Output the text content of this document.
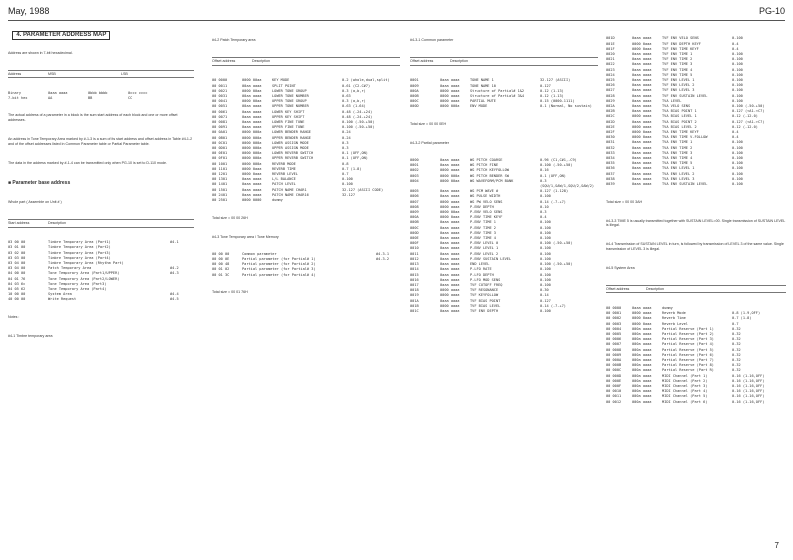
May, 1988	PG-10

4. PARAMETER ADDRESS MAP

Address are shown in 7-bit hexadecimal.

Address	MSB	LSB

Binary	0aaa aaaa	0bbb bbbb	0ccc cccc
7-bit hex	AA	BB	CC

The actual address of a parameter in a block is the sum start address of each block and one or more offset addresses.

An address in Tone Temporary Area marked by #-1-3 is a sum of its start address and offset address in Table #4-1-2 and of the offset addresses listed in Common Parameter table or Partial Parameter table.

The data in the address marked by #-1-4 can be transmitted only when PG-10 is set to D-110 mode.

■ Parameter base address

Whole part ( Assemble on Unit # )

Start address	Description

03 00 00	Timbre Temporary Area (Part1)	#4-1
03 01 00	Timbre Temporary Area (Part2)
03 02 00	Timbre Temporary Area (Part3)
03 03 00	Timbre Temporary Area (Part4)
03 04 00	Timbre Temporary Area (Rhythm Part)
03 04 00	Patch Temporary Area	#4-2
04 00 00	Tone Temporary Area (Part1/UPPER)	#4-3
04 01 76	Tone Temporary Area (Part2/LOWER)
04 03 6c	Tone Temporary Area (Part3)
04 05 62	Tone Temporary Area (Part4)
10 00 00	System Area	#4-4
40 00 00	Write Request	#4-5

Notes :

#4-1 Timbre temporary area

#4-2 Patch Temporary area

Offset address	Description

00 0000	0000 00aa	KEY MODE	0-2 (whole,dual,split)
00 0011	00aa aaaa	SPLIT POINT	0-61 (C2-C#7)
00 0021	0000 00aa	LOWER TONE GROUP	0-3 (a,b,r)
00 0031	00aa aaaa	LOWER TONE NUMBER	0-63
00 0041	0000 00aa	UPPER TONE GROUP	0-3 (a,b,r)
00 0051	00aa aaaa	UPPER TONE NUMBER	0-63 (1-64)
00 0061	0aaa aaaa	LOWER KEY SHIFT	0-48 (-24-+24)
00 0071	0aaa aaaa	UPPER KEY SHIFT	0-48 (-24-+24)
00 0081	0aaa aaaa	LOWER FINE TUNE	0-100 (-50-+50)
00 0091	0aaa aaaa	UPPER FINE TUNE	0-100 (-50-+50)
00 0A01	0000 000a	LOWER BENDER RANGE	0-24
00 0B01	0000 000a	UPPER BENDER RANGE	0-24
00 0C01	0000 000a	LOWER ASSIGN MODE	0-3
00 0D01	0000 000a	UPPER ASSIGN MODE	0-3
00 0E01	0000 000a	LOWER REVERB SWITCH	0-1 (OFF,ON)
00 0F01	0000 000a	UPPER REVERB SWITCH	0-1 (OFF,ON)
00 1001	0000 000a	REVERB MODE	0-8
00 1101	0000 0aaa	REVERB TIME	0-7 (1-8)
00 1201	0000 0aaa	REVERB LEVEL	0-7
00 1301	0aaa aaaa	L/L BALANCE	0-100
00 1401	0aaa aaaa	PATCH LEVEL	0-100
00 1501	0aaa aaaa	PATCH NAME CHAR1	32-127 (ASCII CODE)
00 2401	0aaa aaaa	PATCH NAME CHAR16	32-127
00 2501	0000 0000	dummy

Total size = 00 00 26H

#4-3 Tone Temporary area / Tone Memory

00 00 00	Common parameter	#4-3-1
00 00 0E	Partial parameter (for Partial# 1)	#4-3-2
00 00 48	Partial parameter (for Partial# 2)
00 01 02	Partial parameter (for Partial# 3)
00 01 3C	Partial parameter (for Partial# 4)

Total size = 00 01 76H

#4-3-1 Common parameter

Offset address	Description

0001	0aaa aaaa	TONE NAME 1	32-127 (ASCII)
0009	0aaa aaaa	TONE NAME 10	0-127
000A	0000 aaaa	Structure of Partial# 1&2	0-12 (1-13)
000B	0000 aaaa	Structure of Partial# 3&4	0-12 (1-13)
000C	0000 aaaa	PARTIAL MUTE	0-15 (0000-1111)
000D	0000 000a	ENV MODE	0-1 (Normal, No sustain)

Total size = 00 00 0EH

#4-3-2 Partial parameter

0000	0aaa aaaa	WG PITCH COARSE	0-96 (C1,C#1,-C9)
0001	0aaa aaaa	WG PITCH FINE	0-100 (-50-+50)
0002	0000 aaaa	WG PITCH KEYFOLLOW	0-16
0003	0000 000a	WG PITCH BENDER SW	0-1 (OFF,ON)
0004	0000 00aa	WG WAVEFORM/PCM BANK	0-3 (SQU/1,SAW/1,SQU/2,SAW/2)
0005	0aaa aaaa	WG PCM WAVE #	0-127 (1-128)
0006	0aaa aaaa	WG PULSE WIDTH	0-100
0007	0000 aaaa	WG PW VELO SENS	0-14 (-7-+7)
0008	0000 aaaa	P-ENV DEPTH	0-10
0009	0000 00aa	P-ENV VELO SENS	0-3
000A	0000 0aaa	P-ENV TIME KEYF	0-4
000B	0aaa aaaa	P-ENV TIME 1	0-100
000C	0aaa aaaa	P-ENV TIME 2	0-100
000D	0aaa aaaa	P-ENV TIME 3	0-100
000E	0aaa aaaa	P-ENV TIME 4	0-100
000F	0aaa aaaa	P-ENV LEVEL 0	0-100 (-50-+50)
0010	0aaa aaaa	P-ENV LEVEL 1	0-100
0011	0aaa aaaa	P-ENV LEVEL 2	0-100
0012	0aaa aaaa	P-ENV SUSTAIN LEVEL	0-100
0013	0aaa aaaa	END LEVEL	0-100 (-50-+50)
0014	0aaa aaaa	P-LFO RATE	0-100
0015	0aaa aaaa	P-LFO DEPTH	0-100
0016	0aaa aaaa	P-LFO MOD SENS	0-100
0017	0aaa aaaa	TVF CUTOFF FREQ	0-100
0018	0000 aaaa	TVF RESONANCE	0-30
0019	0000 aaaa	TVF KEYFOLLOW	0-14
001A	0aaa aaaa	TVF BIAS POINT	0-127
001B	0000 aaaa	TVF BIAS LEVEL	0-14 (-7-+7)
001C	0aaa aaaa	TVF ENV DEPTH	0-100

001D	0aaa aaaa	TVF ENV VELO SENS	0-100
001E	0000 0aaa	TVF ENV DEPTH KEYF	0-4
001F	0000 0aaa	TVF ENV TIME KEYF	0-4
0020	0aaa aaaa	TVF ENV TIME 1	0-100
0021	0aaa aaaa	TVF ENV TIME 2	0-100
0022	0aaa aaaa	TVF ENV TIME 3	0-100
0023	0aaa aaaa	TVF ENV TIME 4	0-100
0024	0aaa aaaa	TVF ENV TIME 5	0-100
0025	0aaa aaaa	TVF ENV LEVEL 1	0-100
0026	0aaa aaaa	TVF ENV LEVEL 2	0-100
0027	0aaa aaaa	TVF ENV LEVEL 3	0-100
0028	0aaa aaaa	TVF ENV SUSTAIN LEVEL	0-100
0029	0aaa aaaa	TVA LEVEL	0-100
002A	0aaa aaaa	TVA VELO SENS	0-100 (-50-+50)
002B	0aaa aaaa	TVA BIAS POINT 1	0-127 (<A1-<C7)
002C	0000 aaaa	TVA BIAS LEVEL 1	0-12 (-12-0)
002D	0aaa aaaa	TVA BIAS POINT 2	0-127 (<A1->C7)
002E	0000 aaaa	TVA BIAS LEVEL 2	0-12 (-12-0)
002F	0000 0aaa	TVA ENV TIME KEYF	0-4
0030	0000 0aaa	TVA ENV TIME V-FOLLOW	0-4
0031	0aaa aaaa	TVA ENV TIME 1	0-100
0032	0aaa aaaa	TVA ENV TIME 2	0-100
0033	0aaa aaaa	TVA ENV TIME 3	0-100
0034	0aaa aaaa	TVA ENV TIME 4	0-100
0035	0aaa aaaa	TVA ENV TIME 5	0-100
0036	0aaa aaaa	TVA ENV LEVEL 1	0-100
0037	0aaa aaaa	TVA ENV LEVEL 2	0-100
0038	0aaa aaaa	TVA ENV LEVEL 3	0-100
0039	0aaa aaaa	TVA ENV SUSTAIN LEVEL	0-100

Total size = 00 00 3AH

#4-3-3 TIME 5 is usually transmitted together with SUSTAIN LEVEL=00. Single transmission of SUSTAIN LEVEL is illegal.

#4-4 Transmission of SUSTAIN LEVEL in turn, is followed by transmission of LEVEL 3 of the same value. Single transmission of LEVEL 3 is illegal.

#4-5 System Area

Offset address	Description

00 0000	0aaa aaaa	dummy
00 0001	0000 aaaa	Reverb Mode	0-8 (1-9,OFF)
00 0002	0000 0aaa	Reverb Time	0-7 (1-8)
00 0003	0000 0aaa	Reverb Level	0-7
00 0004	000a aaaa	Partial Reserve (Part 1)	0-32
00 0005	000a aaaa	Partial Reserve (Part 2)	0-32
00 0006	000a aaaa	Partial Reserve (Part 3)	0-32
00 0007	000a aaaa	Partial Reserve (Part 4)	0-32
00 0008	000a aaaa	Partial Reserve (Part 5)	0-32
00 0009	000a aaaa	Partial Reserve (Part 6)	0-32
00 000A	000a aaaa	Partial Reserve (Part 7)	0-32
00 000B	000a aaaa	Partial Reserve (Part 8)	0-32
00 000C	000a aaaa	Partial Reserve (Part R)	0-32
00 000D	000a aaaa	MIDI Channel (Part 1)	0-16 (1-16,OFF)
00 000E	000a aaaa	MIDI Channel (Part 2)	0-16 (1-16,OFF)
00 000F	000a aaaa	MIDI Channel (Part 3)	0-16 (1-16,OFF)
00 0010	000a aaaa	MIDI Channel (Part 4)	0-16 (1-16,OFF)
00 0011	000a aaaa	MIDI Channel (Part 5)	0-16 (1-16,OFF)
00 0012	000a aaaa	MIDI Channel (Part 6)	0-16 (1-16,OFF)

7
